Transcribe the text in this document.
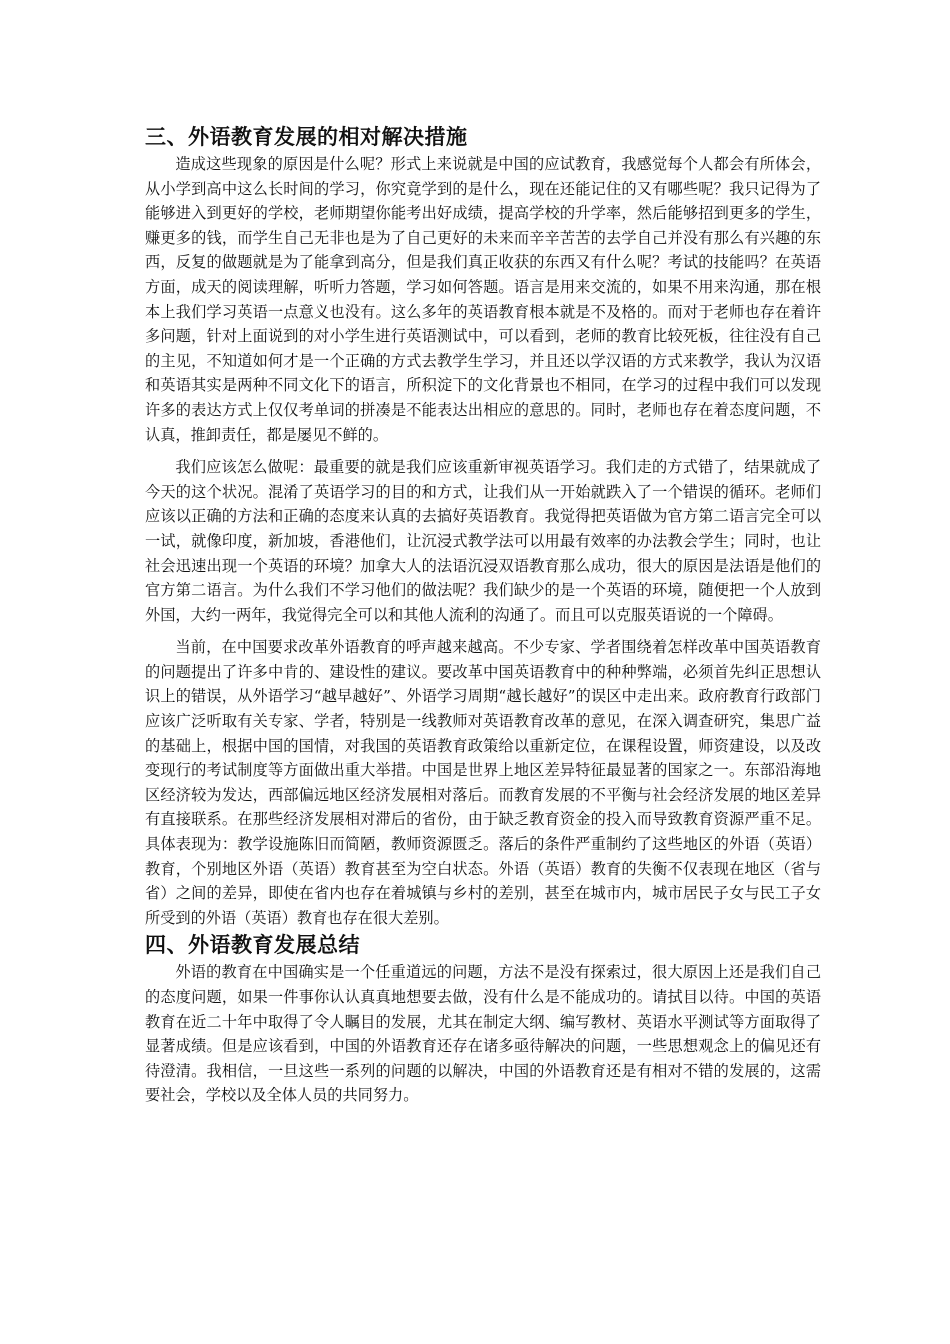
三、外语教育发展的相对解决措施

造成这些现象的原因是什么呢？形式上来说就是中国的应试教育，我感觉每个人都会有所体会，从小学到高中这么长时间的学习，你究竟学到的是什么，现在还能记住的又有哪些呢？我只记得为了能够进入到更好的学校，老师期望你能考出好成绩，提高学校的升学率，然后能够招到更多的学生，赚更多的钱，而学生自己无非也是为了自己更好的未来而辛辛苦苦的去学自己并没有那么有兴趣的东西，反复的做题就是为了能拿到高分，但是我们真正收获的东西又有什么呢？考试的技能吗？在英语方面，成天的阅读理解，听听力答题，学习如何答题。语言是用来交流的，如果不用来沟通，那在根本上我们学习英语一点意义也没有。这么多年的英语教育根本就是不及格的。而对于老师也存在着许多问题，针对上面说到的对小学生进行英语测试中，可以看到，老师的教育比较死板，往往没有自己的主见，不知道如何才是一个正确的方式去教学生学习，并且还以学汉语的方式来教学，我认为汉语和英语其实是两种不同文化下的语言，所积淀下的文化背景也不相同，在学习的过程中我们可以发现许多的表达方式上仅仅考单词的拼凑是不能表达出相应的意思的。同时，老师也存在着态度问题，不认真，推卸责任，都是屡见不鲜的。

我们应该怎么做呢：最重要的就是我们应该重新审视英语学习。我们走的方式错了，结果就成了今天的这个状况。混淆了英语学习的目的和方式，让我们从一开始就跌入了一个错误的循环。老师们应该以正确的方法和正确的态度来认真的去搞好英语教育。我觉得把英语做为官方第二语言完全可以一试，就像印度，新加坡，香港他们，让沉浸式教学法可以用最有效率的办法教会学生；同时，也让社会迅速出现一个英语的环境？加拿大人的法语沉浸双语教育那么成功，很大的原因是法语是他们的官方第二语言。为什么我们不学习他们的做法呢？我们缺少的是一个英语的环境，随便把一个人放到外国，大约一两年，我觉得完全可以和其他人流利的沟通了。而且可以克服英语说的一个障碍。

当前，在中国要求改革外语教育的呼声越来越高。不少专家、学者围绕着怎样改革中国英语教育的问题提出了许多中肯的、建设性的建议。要改革中国英语教育中的种种弊端，必须首先纠正思想认识上的错误，从外语学习“越早越好”、外语学习周期“越长越好”的误区中走出来。政府教育行政部门应该广泛听取有关专家、学者，特别是一线教师对英语教育改革的意见，在深入调查研究，集思广益的基础上，根据中国的国情，对我国的英语教育政策给以重新定位，在课程设置，师资建设，以及改变现行的考试制度等方面做出重大举措。中国是世界上地区差异特征最显著的国家之一。东部沿海地区经济较为发达，西部偏远地区经济发展相对落后。而教育发展的不平衡与社会经济发展的地区差异有直接联系。在那些经济发展相对滞后的省份，由于缺乏教育资金的投入而导致教育资源严重不足。具体表现为：教学设施陈旧而简陋，教师资源匮乏。落后的条件严重制约了这些地区的外语（英语）教育，个别地区外语（英语）教育甚至为空白状态。外语（英语）教育的失衡不仅表现在地区（省与省）之间的差异，即使在省内也存在着城镇与乡村的差别，甚至在城市内，城市居民子女与民工子女所受到的外语（英语）教育也存在很大差别。

四、外语教育发展总结

外语的教育在中国确实是一个任重道远的问题，方法不是没有探索过，很大原因上还是我们自己的态度问题，如果一件事你认认真真地想要去做，没有什么是不能成功的。请拭目以待。中国的英语教育在近二十年中取得了令人瞩目的发展，尤其在制定大纲、编写教材、英语水平测试等方面取得了显著成绩。但是应该看到，中国的外语教育还存在诸多亟待解决的问题，一些思想观念上的偏见还有待澄清。我相信，一旦这些一系列的问题的以解决，中国的外语教育还是有相对不错的发展的，这需要社会，学校以及全体人员的共同努力。
